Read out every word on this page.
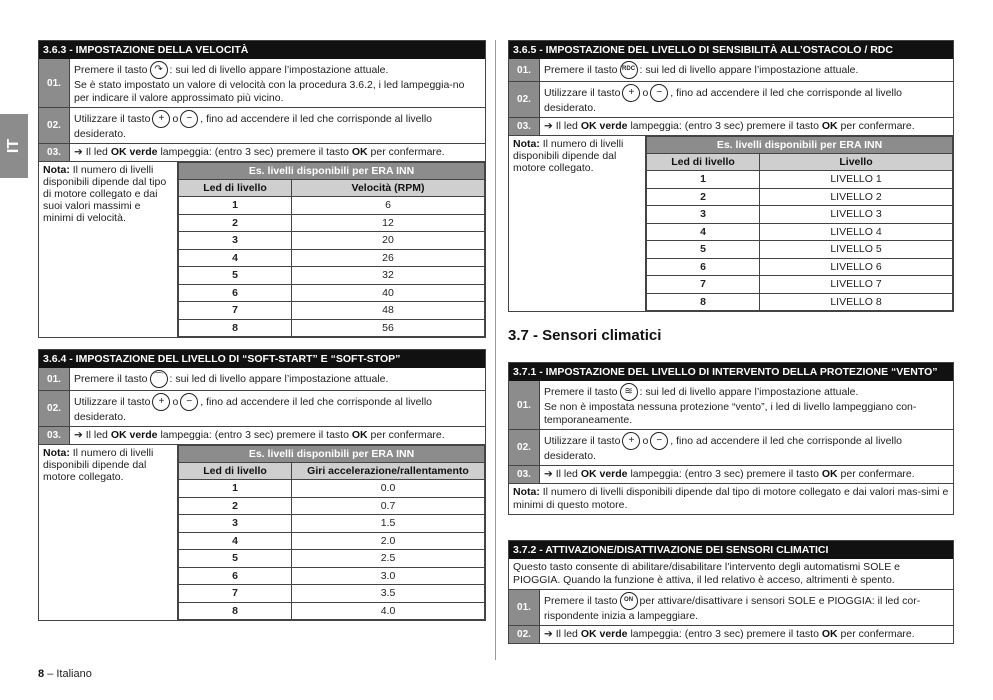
IT
3.6.3 - IMPOSTAZIONE DELLA VELOCITÀ
01.

Premere il tasto ↷ : sui led di livello appare l’impostazione attuale.

Se è stato impostato un valore di velocità con la procedura 3.6.2, i led lampeggia-no per indicare il valore approssimato più vicino.

02.
Utilizzare il tasto + o − , fino ad accendere il led che corrisponde al livello desiderato.
03.	➔ Il led OK verde lampeggia: (entro 3 sec) premere il tasto OK per confermare.
Nota: Il numero di livelli disponibili dipende dal tipo di motore collegato e dai suoi valori massimi e minimi di velocità.
Es. livelli disponibili per ERA INN	
Led di livello	Velocità (RPM)
1	6
2	12
3	20
4	26
5	32
6	40
7	48
8	56
3.6.4 - IMPOSTAZIONE DEL LIVELLO DI “SOFT-START” E “SOFT-STOP”
01.	Premere il tasto ⌒ : sui led di livello appare l’impostazione attuale.
02.
Utilizzare il tasto + o − , fino ad accendere il led che corrisponde al livello desiderato.
03.	➔ Il led OK verde lampeggia: (entro 3 sec) premere il tasto OK per confermare.
Nota: Il numero di livelli disponibili dipende dal motore collegato.
Es. livelli disponibili per ERA INN	
Led di livello	Giri accelerazione/rallentamento
1	0.0
2	0.7
3	1.5
4	2.0
5	2.5
6	3.0
7	3.5
8	4.0
3.6.5 - IMPOSTAZIONE DEL LIVELLO DI SENSIBILITÀ ALL’OSTACOLO / RDC
01.	Premere il tasto RDC : sui led di livello appare l’impostazione attuale.
02.
Utilizzare il tasto + o − , fino ad accendere il led che corrisponde al livello desiderato.
03.	➔ Il led OK verde lampeggia: (entro 3 sec) premere il tasto OK per confermare.
Nota: Il numero di livelli disponibili dipende dal motore collegato.
Es. livelli disponibili per ERA INN	
Led di livello	Livello
1	LIVELLO 1
2	LIVELLO 2
3	LIVELLO 3
4	LIVELLO 4
5	LIVELLO 5
6	LIVELLO 6
7	LIVELLO 7
8	LIVELLO 8
3.7 - Sensori climatici
3.7.1 - IMPOSTAZIONE DEL LIVELLO DI INTERVENTO DELLA PROTEZIONE “VENTO”
01.

Premere il tasto ≋ : sui led di livello appare l’impostazione attuale.

Se non è impostata nessuna protezione “vento”, i led di livello lampeggiano con-temporaneamente.

02.
Utilizzare il tasto + o − , fino ad accendere il led che corrisponde al livello desiderato.
03.	➔ Il led OK verde lampeggia: (entro 3 sec) premere il tasto OK per confermare.
Nota: Il numero di livelli disponibili dipende dal tipo di motore collegato e dai valori mas-simi e minimi di questo motore.
3.7.2 - ATTIVAZIONE/DISATTIVAZIONE DEI SENSORI CLIMATICI
Questo tasto consente di abilitare/disabilitare l’intervento degli automatismi SOLE e PIOGGIA. Quando la funzione è attiva, il led relativo è acceso, altrimenti è spento.
01.
Premere il tasto ON per attivare/disattivare i sensori SOLE e PIOGGIA: il led cor-rispondente inizia a lampeggiare.
02.	➔ Il led OK verde lampeggia: (entro 3 sec) premere il tasto OK per confermare.
8 – Italiano
